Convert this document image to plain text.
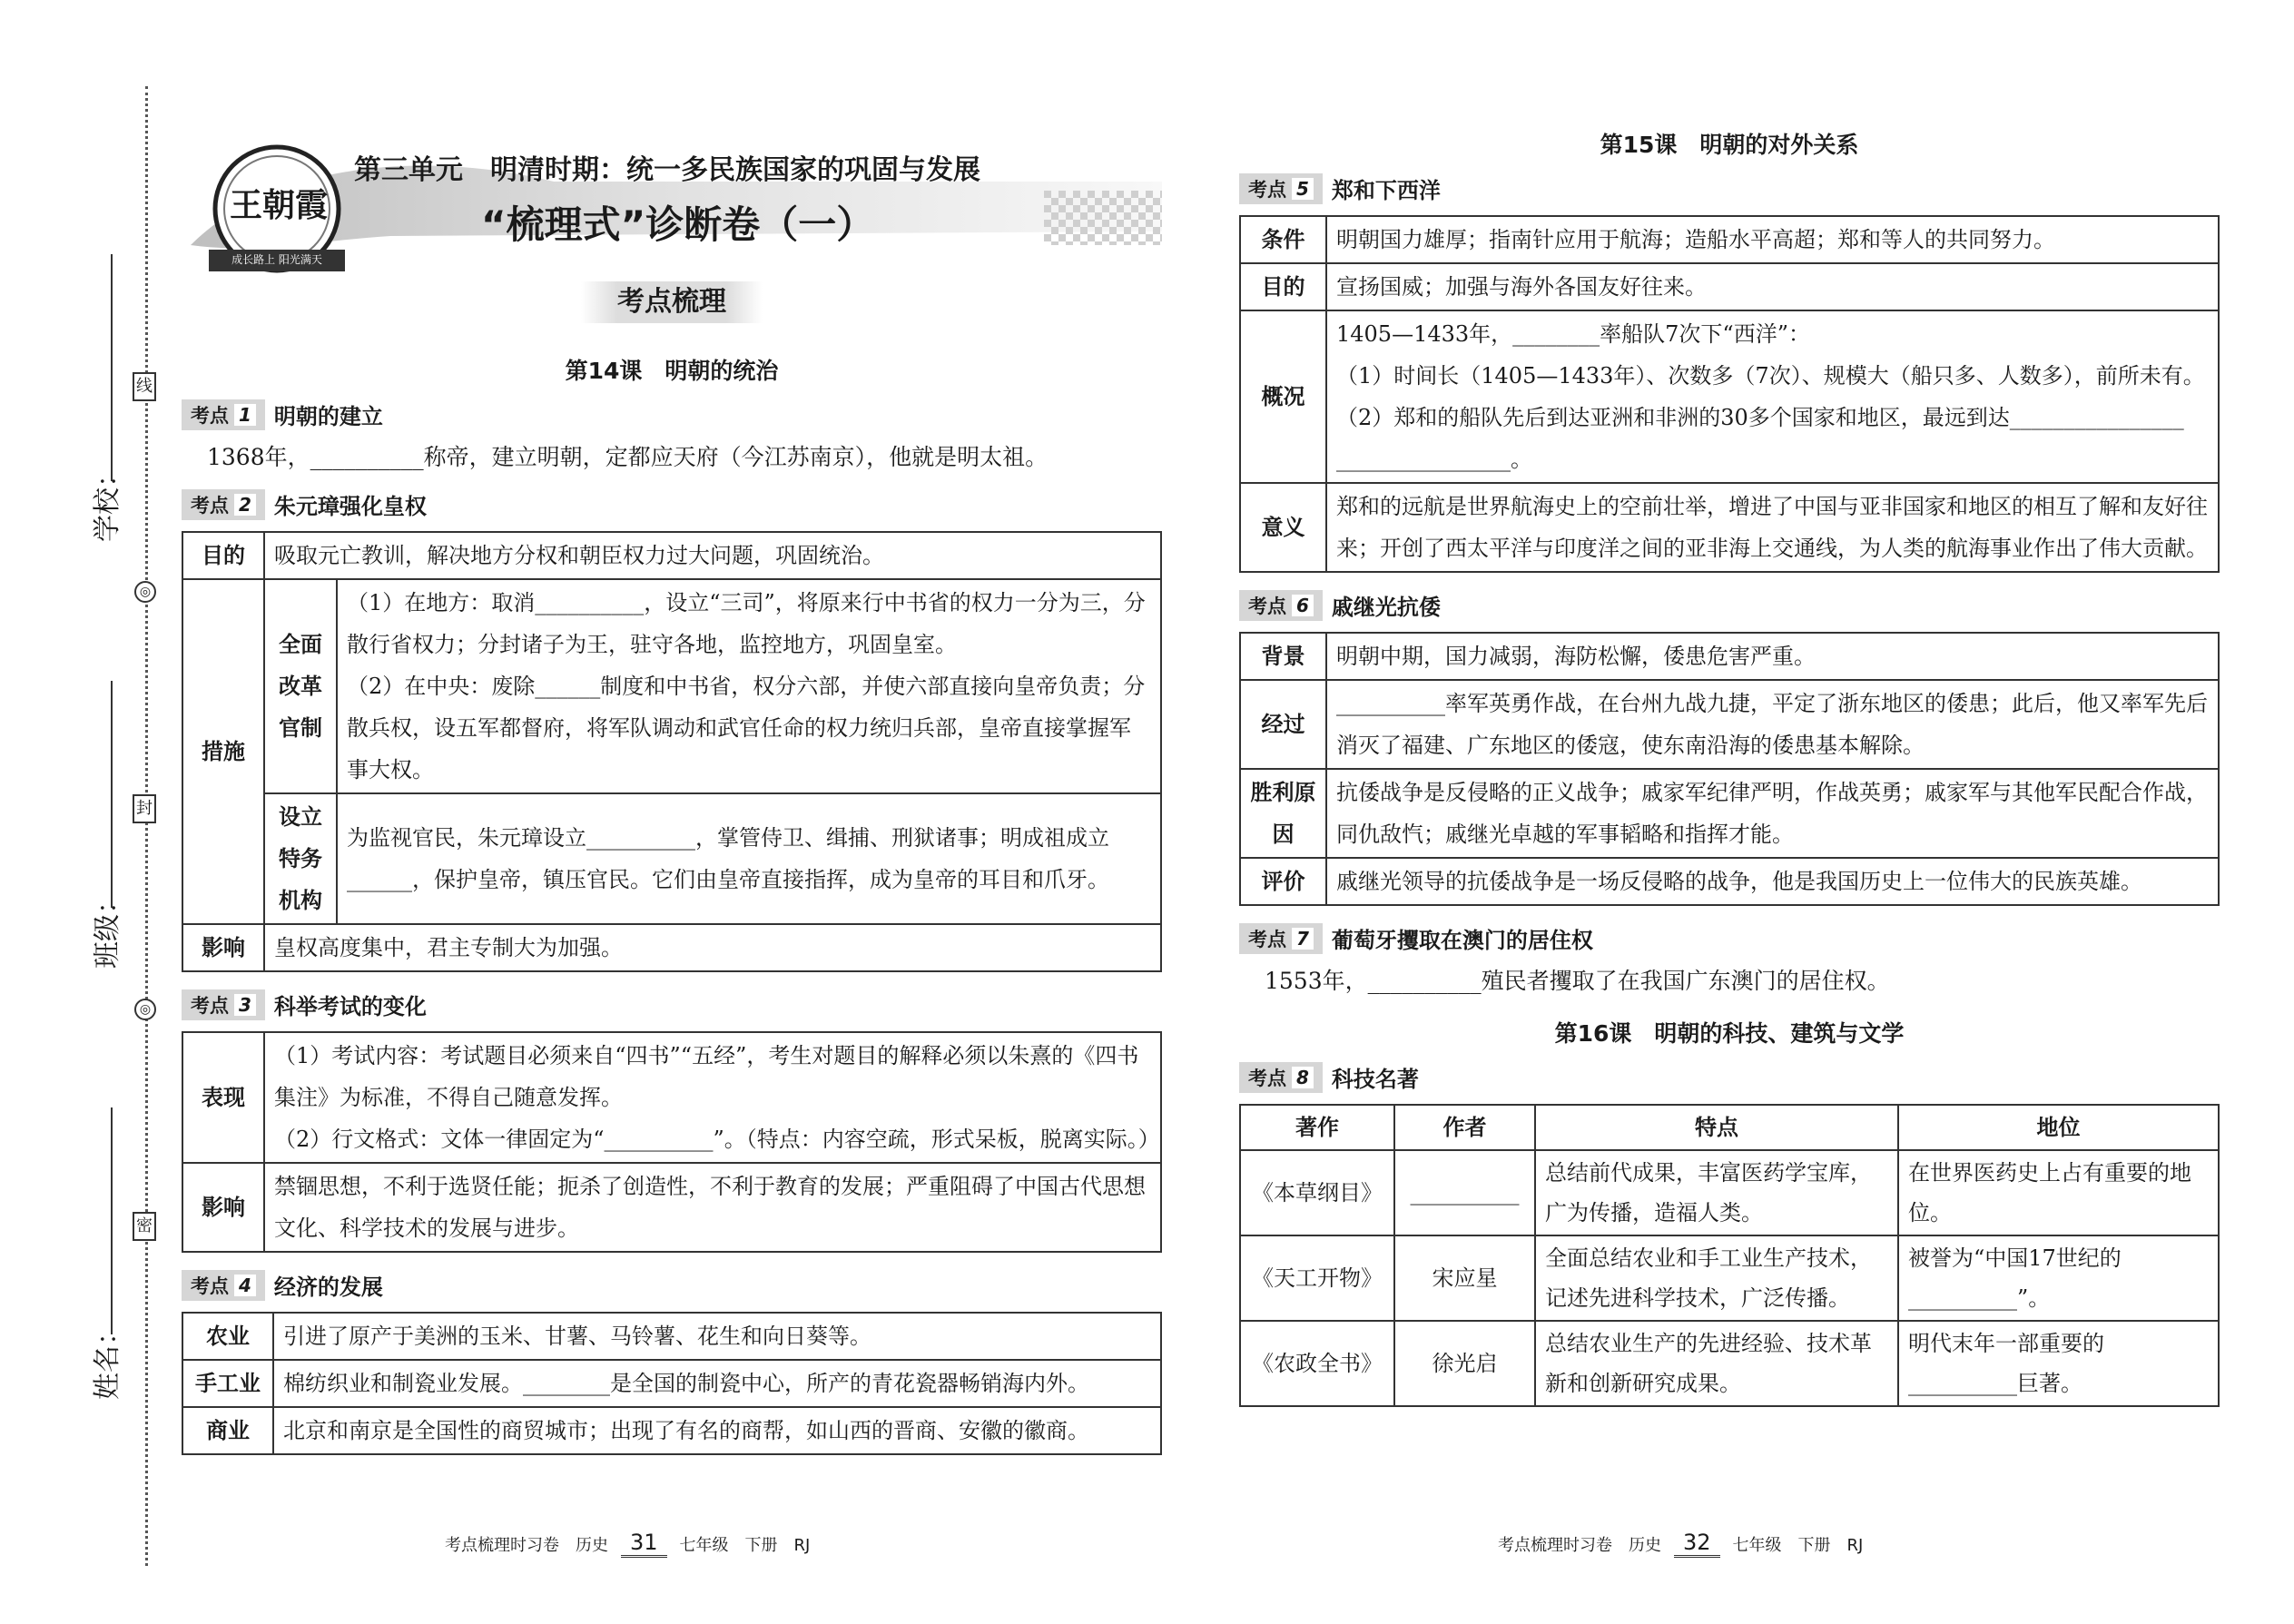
学校：
班级：
姓名：
线
封
密
◎
◎
王朝霞
成长路上 阳光满天
第三单元　明清时期：统一多民族国家的巩固与发展
“梳理式”诊断卷（一）
考点梳理
第14课　明朝的统治
考点 1 明朝的建立
1368年，__________称帝，建立明朝，定都应天府（今江苏南京），他就是明太祖。
考点 2 朱元璋强化皇权
目的	吸取元亡教训，解决地方分权和朝臣权力过大问题，巩固统治。	
措施	全面改革官制	（1）在地方：取消__________，设立“三司”，将原来行中书省的权力一分为三，分散行省权力；分封诸子为王，驻守各地，监控地方，巩固皇室。
（2）在中央：废除______制度和中书省，权分六部，并使六部直接向皇帝负责；分散兵权，设五军都督府，将军队调动和武官任命的权力统归兵部，皇帝直接掌握军事大权。

	设立特务机构	为监视官民，朱元璋设立__________，掌管侍卫、缉捕、刑狱诸事；明成祖成立______，保护皇帝，镇压官民。它们由皇帝直接指挥，成为皇帝的耳目和爪牙。
影响	皇权高度集中，君主专制大为加强。	
考点 3 科举考试的变化
表现	（1）考试内容：考试题目必须来自“四书”“五经”，考生对题目的解释必须以朱熹的《四书集注》为标准，不得自己随意发挥。
（2）行文格式：文体一律固定为“__________”。（特点：内容空疏，形式呆板，脱离实际。）

影响	禁锢思想，不利于选贤任能；扼杀了创造性，不利于教育的发展；严重阻碍了中国古代思想文化、科学技术的发展与进步。
考点 4 经济的发展
农业	引进了原产于美洲的玉米、甘薯、马铃薯、花生和向日葵等。
手工业	棉纺织业和制瓷业发展。________是全国的制瓷中心，所产的青花瓷器畅销海内外。
商业	北京和南京是全国性的商贸城市；出现了有名的商帮，如山西的晋商、安徽的徽商。
考点梳理时习卷　历史	31	七年级　下册　RJ
第15课　明朝的对外关系
考点 5 郑和下西洋
条件	明朝国力雄厚；指南针应用于航海；造船水平高超；郑和等人的共同努力。
目的	宣扬国威；加强与海外各国友好往来。
概况	1405—1433年，________率船队7次下“西洋”：
（1）时间长（1405—1433年）、次数多（7次）、规模大（船只多、人数多），前所未有。
（2）郑和的船队先后到达亚洲和非洲的30多个国家和地区，最远到达________________
________________。

意义	郑和的远航是世界航海史上的空前壮举，增进了中国与亚非国家和地区的相互了解和友好往来；开创了西太平洋与印度洋之间的亚非海上交通线，为人类的航海事业作出了伟大贡献。
考点 6 戚继光抗倭
背景	明朝中期，国力减弱，海防松懈，倭患危害严重。
经过	__________率军英勇作战，在台州九战九捷，平定了浙东地区的倭患；此后，他又率军先后消灭了福建、广东地区的倭寇，使东南沿海的倭患基本解除。
胜利原因	抗倭战争是反侵略的正义战争；戚家军纪律严明，作战英勇；戚家军与其他军民配合作战，同仇敌忾；戚继光卓越的军事韬略和指挥才能。
评价	戚继光领导的抗倭战争是一场反侵略的战争，他是我国历史上一位伟大的民族英雄。
考点 7 葡萄牙攫取在澳门的居住权
1553年，__________殖民者攫取了在我国广东澳门的居住权。
第16课　明朝的科技、建筑与文学
考点 8 科技名著
著作	作者	特点	地位
《本草纲目》	__________	总结前代成果，丰富医药学宝库，广为传播，造福人类。	在世界医药史上占有重要的地位。
《天工开物》	宋应星	全面总结农业和手工业生产技术，记述先进科学技术，广泛传播。	被誉为“中国17世纪的__________”。
《农政全书》	徐光启	总结农业生产的先进经验、技术革新和创新研究成果。	明代末年一部重要的__________巨著。
考点梳理时习卷　历史	32	七年级　下册　RJ
